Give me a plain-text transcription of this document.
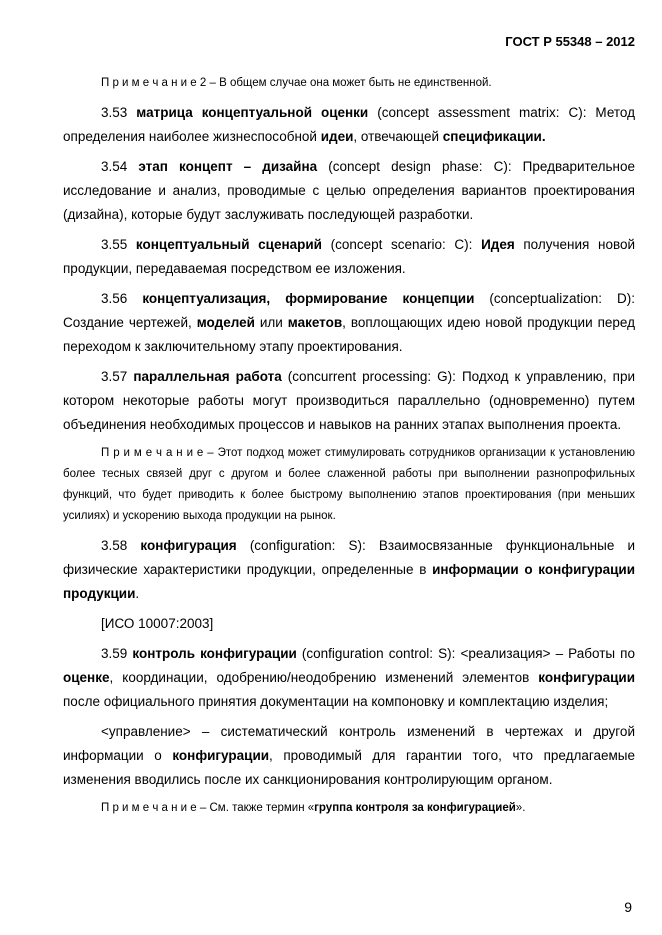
ГОСТ Р 55348 – 2012

П р и м е ч а н и е 2 – В общем случае она может быть не единственной.

3.53 матрица концептуальной оценки (concept assessment matrix: C): Метод определения наиболее жизнеспособной идеи, отвечающей спецификации.

3.54 этап концепт – дизайна (concept design phase: C): Предварительное исследование и анализ, проводимые с целью определения вариантов проектирования (дизайна), которые будут заслуживать последующей разработки.

3.55 концептуальный сценарий (concept scenario: C): Идея получения новой продукции, передаваемая посредством ее изложения.

3.56 концептуализация, формирование концепции (conceptualization: D): Создание чертежей, моделей или макетов, воплощающих идею новой продукции перед переходом к заключительному этапу проектирования.

3.57 параллельная работа (concurrent processing: G): Подход к управлению, при котором некоторые работы могут производиться параллельно (одновременно) путем объединения необходимых процессов и навыков на ранних этапах выполнения проекта.

П р и м е ч а н и е – Этот подход может стимулировать сотрудников организации к установлению более тесных связей друг с другом и более слаженной работы при выполнении разнопрофильных функций, что будет приводить к более быстрому выполнению этапов проектирования (при меньших усилиях) и ускорению выхода продукции на рынок.

3.58 конфигурация (configuration: S): Взаимосвязанные функциональные и физические характеристики продукции, определенные в информации о конфигурации продукции.

[ИСО 10007:2003]

3.59 контроль конфигурации (configuration control: S): <реализация> – Работы по оценке, координации, одобрению/неодобрению изменений элементов конфигурации после официального принятия документации на компоновку и комплектацию изделия;

<управление> – систематический контроль изменений в чертежах и другой информации о конфигурации, проводимый для гарантии того, что предлагаемые изменения вводились после их санкционирования контролирующим органом.

П р и м е ч а н и е – См. также термин «группа контроля за конфигурацией».

9
